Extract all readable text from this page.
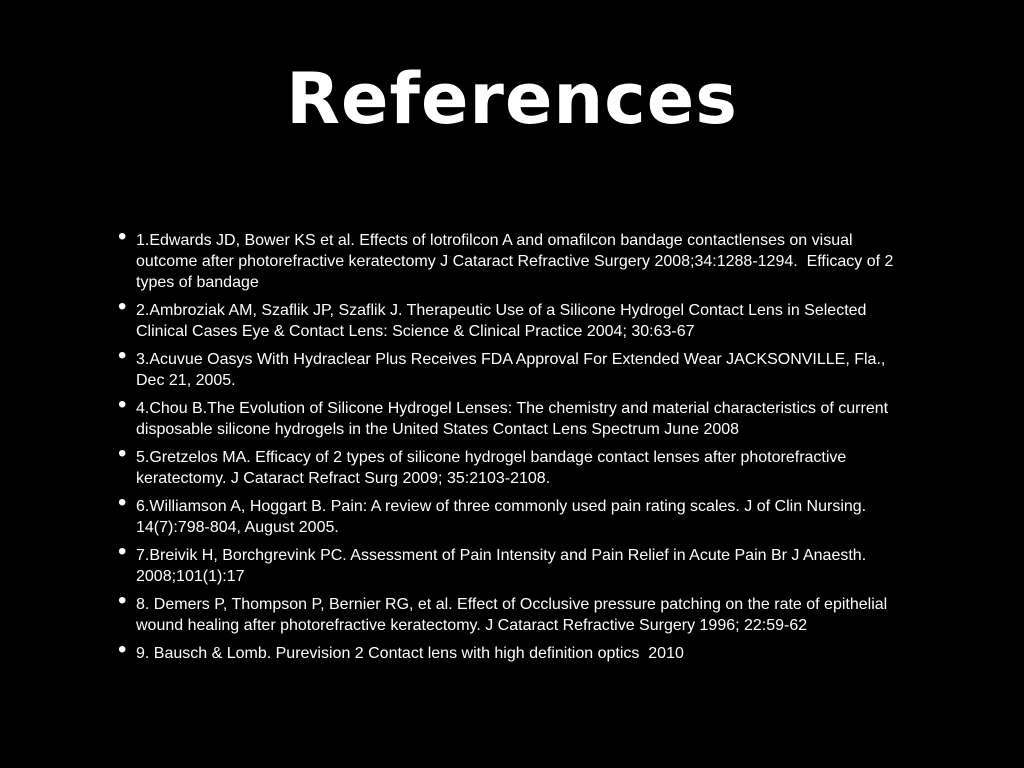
References
• 1.Edwards JD, Bower KS et al. Effects of lotrofilcon A and omafilcon bandage contactlenses on visual outcome after photorefractive keratectomy J Cataract Refractive Surgery 2008;34:1288-1294.  Efficacy of 2 types of bandage
• 2.Ambroziak AM, Szaflik JP, Szaflik J. Therapeutic Use of a Silicone Hydrogel Contact Lens in Selected Clinical Cases Eye & Contact Lens: Science & Clinical Practice 2004; 30:63-67
• 3.Acuvue Oasys With Hydraclear Plus Receives FDA Approval For Extended Wear JACKSONVILLE, Fla., Dec 21, 2005.
• 4.Chou B.The Evolution of Silicone Hydrogel Lenses: The chemistry and material characteristics of current disposable silicone hydrogels in the United States Contact Lens Spectrum June 2008
• 5.Gretzelos MA. Efficacy of 2 types of silicone hydrogel bandage contact lenses after photorefractive keratectomy. J Cataract Refract Surg 2009; 35:2103-2108.
• 6.Williamson A, Hoggart B. Pain: A review of three commonly used pain rating scales. J of Clin Nursing. 14(7):798-804, August 2005.
• 7.Breivik H, Borchgrevink PC. Assessment of Pain Intensity and Pain Relief in Acute Pain Br J Anaesth. 2008;101(1):17
• 8. Demers P, Thompson P, Bernier RG, et al. Effect of Occlusive pressure patching on the rate of epithelial wound healing after photorefractive keratectomy. J Cataract Refractive Surgery 1996; 22:59-62
• 9. Bausch & Lomb. Purevision 2 Contact lens with high definition optics  2010
